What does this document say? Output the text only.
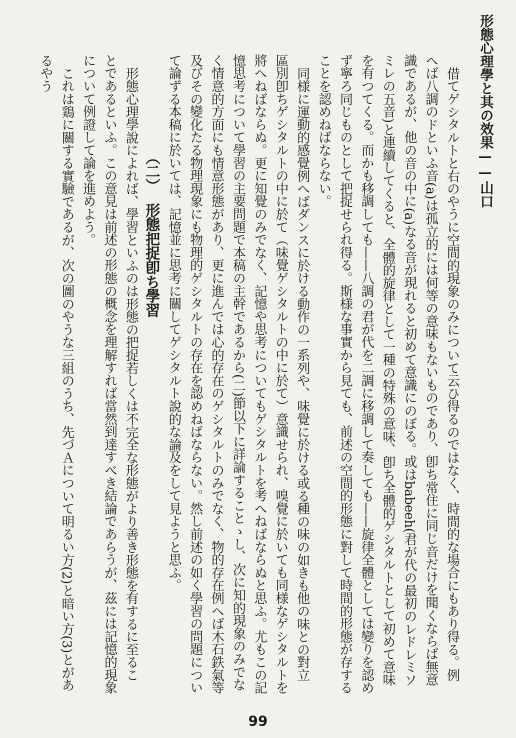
形態心理學と其の效果——山口

借てゲシタルトと右のやうに空間的現象のみについて云ひ得るのではなく、時間的な場合にもあり得る。例へば八調のドといふ音(a)は孤立的には何等の意味もないものであり、卽ち常住に同じ音だけを聞くならば無意識であるが、他の音の中に(a)なる音が現れると初めて意識にのぼる。或はbabeeh(君が代の最初のレドレミソミレの五音)と連續してくると、全體的旋律として一種の特殊の意味、卽ち全體的ゲシタルトとして初めて意味を有つてくる。而かも移調しても——八調の君が代を二調に移調して奏しても——旋律全體としては變りを認めず寧ろ同じものとして把捉せられ得る。斯様な事實から見ても、前述の空間的形態に對して時間的形態が存することを認めねばならない。

同様に運動的感覺例へばダンスに於ける動作の一系列や、味覺に於ける或る種の味の如きも他の味との對立區別卽ちゲシタルトの中に於て（味覺ゲシタルトの中に於て）意識せられ、嗅覺に於いても同様なゲシタルトを將へねばならぬ。更に知覺のみでなく、記憶や思考についてもゲシタルトを考へねばならぬと思ふ。尤もこの記憶思考について學習の主要問題で本稿の主幹であるから(二)節以下に詳論することゝし、次に知的現象のみでなく情意的方面にも情意形態があり、更に進んでは心的存在のゲシタルトのみでなく、物的存在例へば木石鉄氣等及びその變化たる物理現象にも物理的ゲシタルトの存在を認めねばならない。然し前述の如く學習の問題について論ずる本稿に於いては、記憶並に思考に關してゲシタルト說的な論及をして見ようと思ふ。

（二）形態把捉卽ち學習

形態心理學說によれば、學習といふのは形態の把捉若しくは不完全な形態がより善き形態を有するに至ることであるといふ。この意見は前述の形態の概念を理解すれば當然到達すべき結論であらうが、茲には記憶的現象について例證して論を進めよう。

これは鶏に關する實驗であるが、次の圖のやうな三組のうち、先づＡについて明るい方(2)と暗い方(3)とがあるやう

99
